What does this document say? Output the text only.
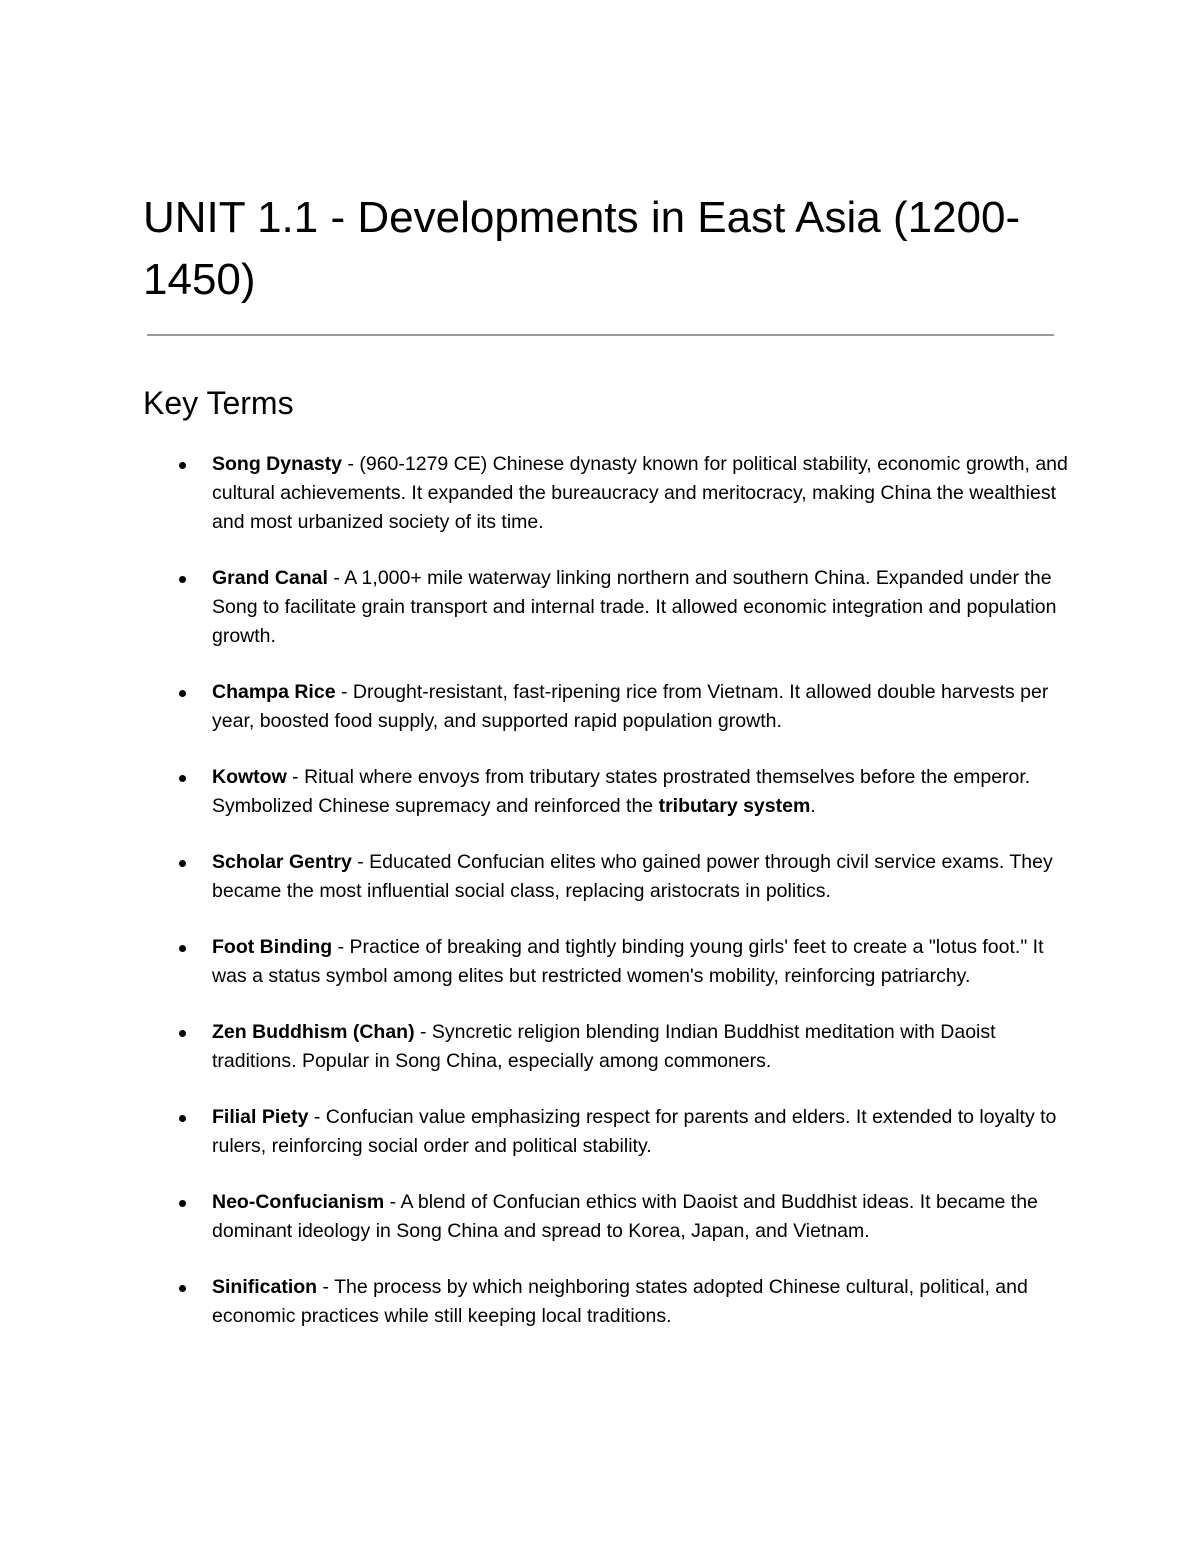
UNIT 1.1 - Developments in East Asia (1200-1450)
Key Terms
Song Dynasty - (960-1279 CE) Chinese dynasty known for political stability, economic growth, and cultural achievements. It expanded the bureaucracy and meritocracy, making China the wealthiest and most urbanized society of its time.
Grand Canal - A 1,000+ mile waterway linking northern and southern China. Expanded under the Song to facilitate grain transport and internal trade. It allowed economic integration and population growth.
Champa Rice - Drought-resistant, fast-ripening rice from Vietnam. It allowed double harvests per year, boosted food supply, and supported rapid population growth.
Kowtow - Ritual where envoys from tributary states prostrated themselves before the emperor. Symbolized Chinese supremacy and reinforced the tributary system.
Scholar Gentry - Educated Confucian elites who gained power through civil service exams. They became the most influential social class, replacing aristocrats in politics.
Foot Binding - Practice of breaking and tightly binding young girls' feet to create a "lotus foot." It was a status symbol among elites but restricted women's mobility, reinforcing patriarchy.
Zen Buddhism (Chan) - Syncretic religion blending Indian Buddhist meditation with Daoist traditions. Popular in Song China, especially among commoners.
Filial Piety - Confucian value emphasizing respect for parents and elders. It extended to loyalty to rulers, reinforcing social order and political stability.
Neo-Confucianism - A blend of Confucian ethics with Daoist and Buddhist ideas. It became the dominant ideology in Song China and spread to Korea, Japan, and Vietnam.
Sinification - The process by which neighboring states adopted Chinese cultural, political, and economic practices while still keeping local traditions.
